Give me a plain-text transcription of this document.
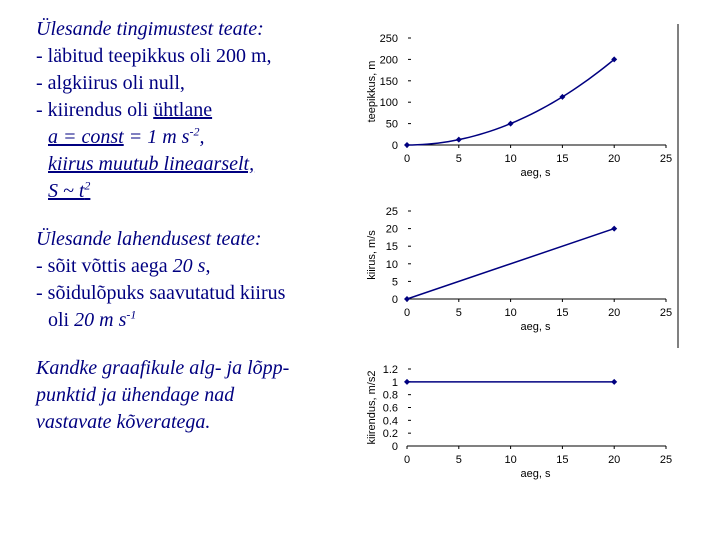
Ülesande tingimustest teate:
- läbitud teepikkus oli 200 m,
- algkiirus oli null,
- kiirendus oli ühtlane
a = const = 1 m $s^{-2}$,
kiirus muutub lineaarselt,
S ~ $t^2$
Ülesande lahendusest teate:
- sõit võttis aega 20 s,
- sõidulõpuks saavutatud kiirus
oli 20 m $s^{-1}$
Kandke graafikule alg- ja lõpp-
punktid ja ühendage nad
vastavate kõveratega.
0	5	10	15	20	25
0
50
100
150
200
250
aeg, s
teepikkus, m
0	5	10	15	20	25
0
5
10
15
20
25
aeg, s
kiirus, m/s
0	5	10	15	20	25
0
0.2
0.4
0.6
0.8
1
1.2
aeg, s
kiirendus, m/s2
